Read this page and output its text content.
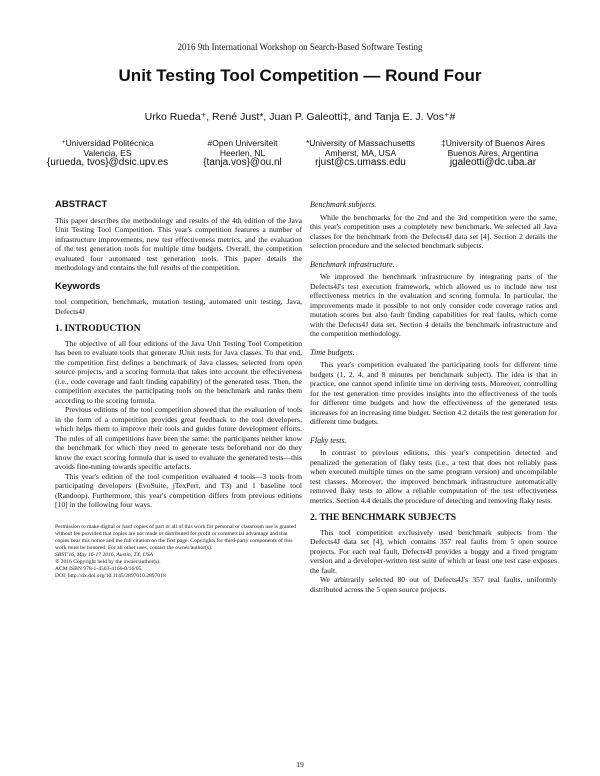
2016 9th International Workshop on Search-Based Software Testing
Unit Testing Tool Competition — Round Four
Urko Rueda⁺, René Just*, Juan P. Galeotti‡, and Tanja E. J. Vos⁺#
⁺Universidad Politécnica
Valencia, ES
{urueda, tvos}@dsic.upv.es
#Open Universiteit
Heerlen, NL
{tanja.vos}@ou.nl
*University of Massachusetts
Amherst, MA, USA
rjust@cs.umass.edu
‡University of Buenos Aires
Buenos Aires, Argentina
jgaleotti@dc.uba.ar
ABSTRACT

This paper describes the methodology and results of the 4th edition of the Java Unit Testing Tool Competition. This year's competition features a number of infrastructure improvements, new test effectiveness metrics, and the evaluation of the test generation tools for multiple time budgets. Overall, the competition evaluated four automated test generation tools. This paper details the methodology and contains the full results of the competition.

Keywords

tool competition, benchmark, mutation testing, automated unit testing, Java, Defects4J

1. INTRODUCTION

The objective of all four editions of the Java Unit Testing Tool Competition has been to evaluate tools that generate JUnit tests for Java classes. To that end, the competition first defines a benchmark of Java classes, selected from open source projects, and a scoring formula that takes into account the effectiveness (i.e., code coverage and fault finding capability) of the generated tests. Then, the competition executes the participating tools on the benchmark and ranks them according to the scoring formula.

Previous editions of the tool competition showed that the evaluation of tools in the form of a competition provides great feedback to the tool developers, which helps them to improve their tools and guides future development efforts. The rules of all competitions have been the same: the participants neither know the benchmark for which they need to generate tests beforehand nor do they know the exact scoring formula that is used to evaluate the generated tests—this avoids fine-tuning towards specific artefacts.

This year's edition of the tool competition evaluated 4 tools—3 tools from participating developers (EvoSuite, jTexPert, and T3) and 1 baseline tool (Randoop). Furthermore, this year's competition differs from previous editions [10] in the following four ways.

Permission to make digital or hard copies of part or all of this work for personal or classroom use is granted without fee provided that copies are not made or distributed for profit or commercial advantage and that copies bear this notice and the full citation on the first page. Copyrights for third-party components of this work must be honored. For all other uses, contact the owner/author(s).

SBST'16, May 16-17 2016, Austin, TX, USA

© 2016 Copyright held by the owner/author(s).

ACM ISBN 978-1-4503-4166-0/16/05.

DOI: http://dx.doi.org/10.1145/2897010.2897018

Benchmark subjects.

While the benchmarks for the 2nd and the 3rd competition were the same, this year's competition uses a completely new benchmark. We selected all Java classes for the benchmark from the Defects4J data set [4]. Section 2 details the selection procedure and the selected benchmark subjects.

Benchmark infrastructure.

We improved the benchmark infrastructure by integrating parts of the Defects4J's test execution framework, which allowed us to include new test effectiveness metrics in the evaluation and scoring formula. In particular, the improvements made it possible to not only consider code coverage ratios and mutation scores but also fault finding capabilities for real faults, which come with the Defects4J data set. Section 4 details the benchmark infrastructure and the competition methodology.

Time budgets.

This year's competition evaluated the participating tools for different time budgets (1, 2, 4, and 8 minutes per benchmark subject). The idea is that in practice, one cannot spend infinite time on deriving tests. Moreover, controlling for the test generation time provides insights into the effectiveness of the tools for different time budgets and how the effectiveness of the generated tests increases for an increasing time budget. Section 4.2 details the test generation for different time budgets.

Flaky tests.

In contrast to previous editions, this year's competition detected and penalized the generation of flaky tests (i.e., a test that does not reliably pass when executed multiple times on the same program version) and uncompilable test classes. Moreover, the improved benchmark infrastructure automatically removed flaky tests to allow a reliable computation of the test effectiveness metrics. Section 4.4 details the procedure of detecting and removing flaky tests.

2. THE BENCHMARK SUBJECTS

This tool competition exclusively used benchmark subjects from the Defects4J data set [4], which contains 357 real faults from 5 open source projects. For each real fault, Defects4J provides a buggy and a fixed program version and a developer-written test suite of which at least one test case exposes the fault.

We arbitrarily selected 80 out of Defects4J's 357 real faults, uniformly distributed across the 5 open source projects.

19
